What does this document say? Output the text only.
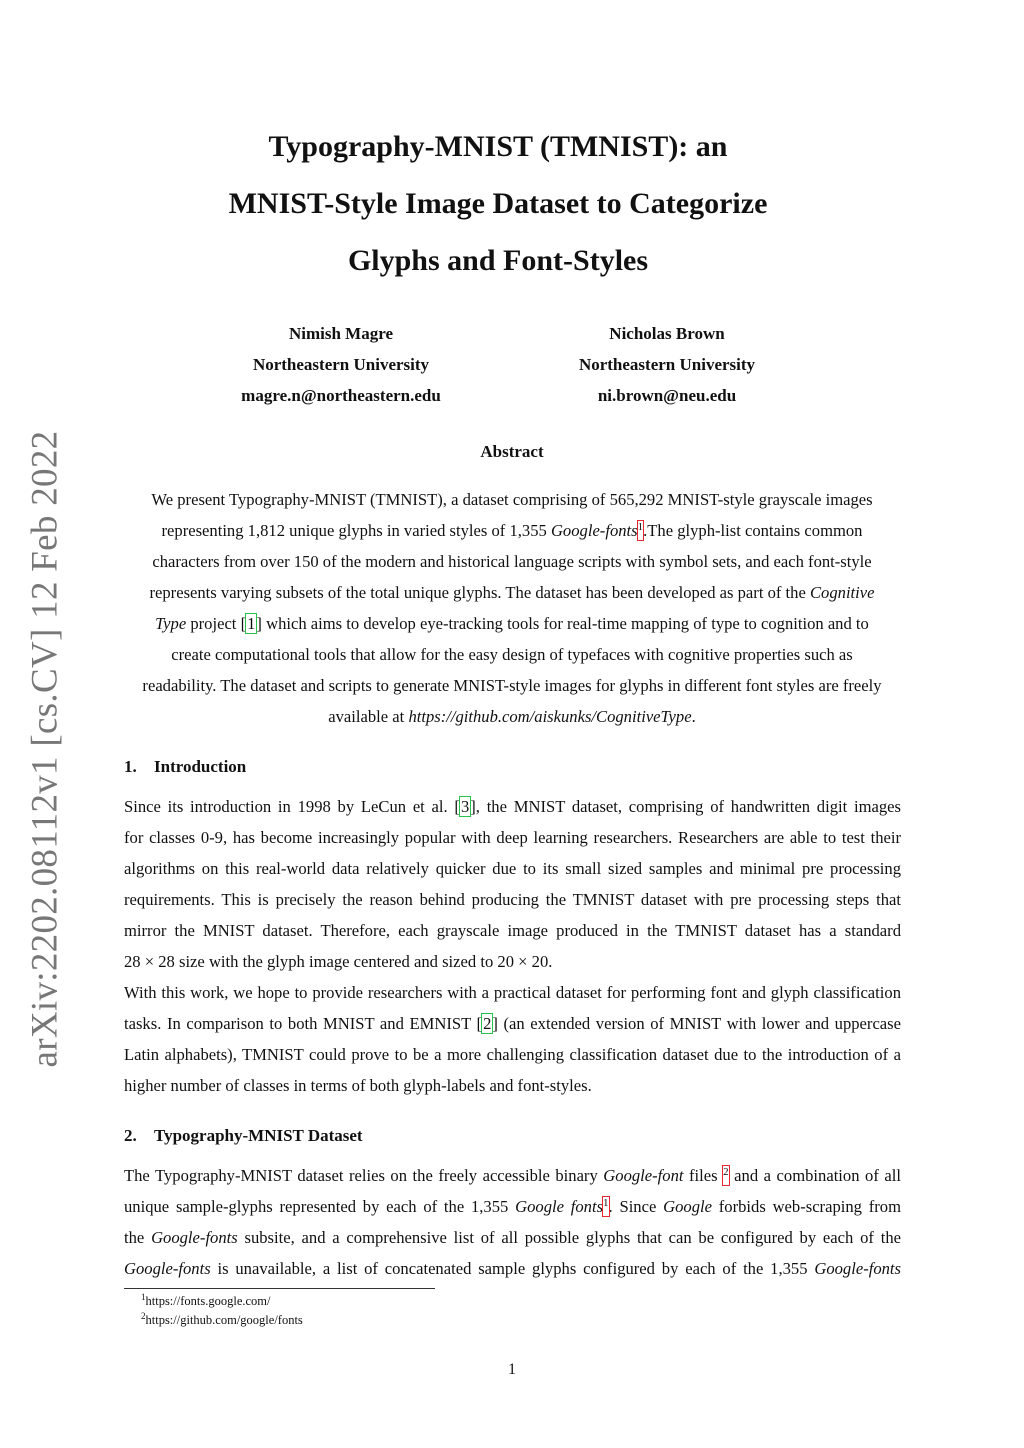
arXiv:2202.08112v1 [cs.CV] 12 Feb 2022
Typography-MNIST (TMNIST): an
MNIST-Style Image Dataset to Categorize
Glyphs and Font-Styles
Nimish Magre
Northeastern University
magre.n@northeastern.edu
Nicholas Brown
Northeastern University
ni.brown@neu.edu
Abstract
We present Typography-MNIST (TMNIST), a dataset comprising of 565,292 MNIST-style grayscale images
representing 1,812 unique glyphs in varied styles of 1,355 Google-fonts$^1$.The glyph-list contains common
characters from over 150 of the modern and historical language scripts with symbol sets, and each font-style
represents varying subsets of the total unique glyphs. The dataset has been developed as part of the Cognitive
Type project [1] which aims to develop eye-tracking tools for real-time mapping of type to cognition and to
create computational tools that allow for the easy design of typefaces with cognitive properties such as
readability. The dataset and scripts to generate MNIST-style images for glyphs in different font styles are freely
available at https://github.com/aiskunks/CognitiveType.
1. Introduction
Since its introduction in 1998 by LeCun et al. [3], the MNIST dataset, comprising of handwritten digit images
for classes 0-9, has become increasingly popular with deep learning researchers. Researchers are able to test their
algorithms on this real-world data relatively quicker due to its small sized samples and minimal pre processing
requirements. This is precisely the reason behind producing the TMNIST dataset with pre processing steps that
mirror the MNIST dataset. Therefore, each grayscale image produced in the TMNIST dataset has a standard
28 × 28 size with the glyph image centered and sized to 20 × 20.
With this work, we hope to provide researchers with a practical dataset for performing font and glyph classification
tasks. In comparison to both MNIST and EMNIST [2] (an extended version of MNIST with lower and uppercase
Latin alphabets), TMNIST could prove to be a more challenging classification dataset due to the introduction of a
higher number of classes in terms of both glyph-labels and font-styles.
2. Typography-MNIST Dataset
The Typography-MNIST dataset relies on the freely accessible binary Google-font files $^2$ and a combination of all
unique sample-glyphs represented by each of the 1,355 Google fonts$^1$. Since Google forbids web-scraping from
the Google-fonts subsite, and a comprehensive list of all possible glyphs that can be configured by each of the
Google-fonts is unavailable, a list of concatenated sample glyphs configured by each of the 1,355 Google-fonts
$^1$https://fonts.google.com/
$^2$https://github.com/google/fonts
1
